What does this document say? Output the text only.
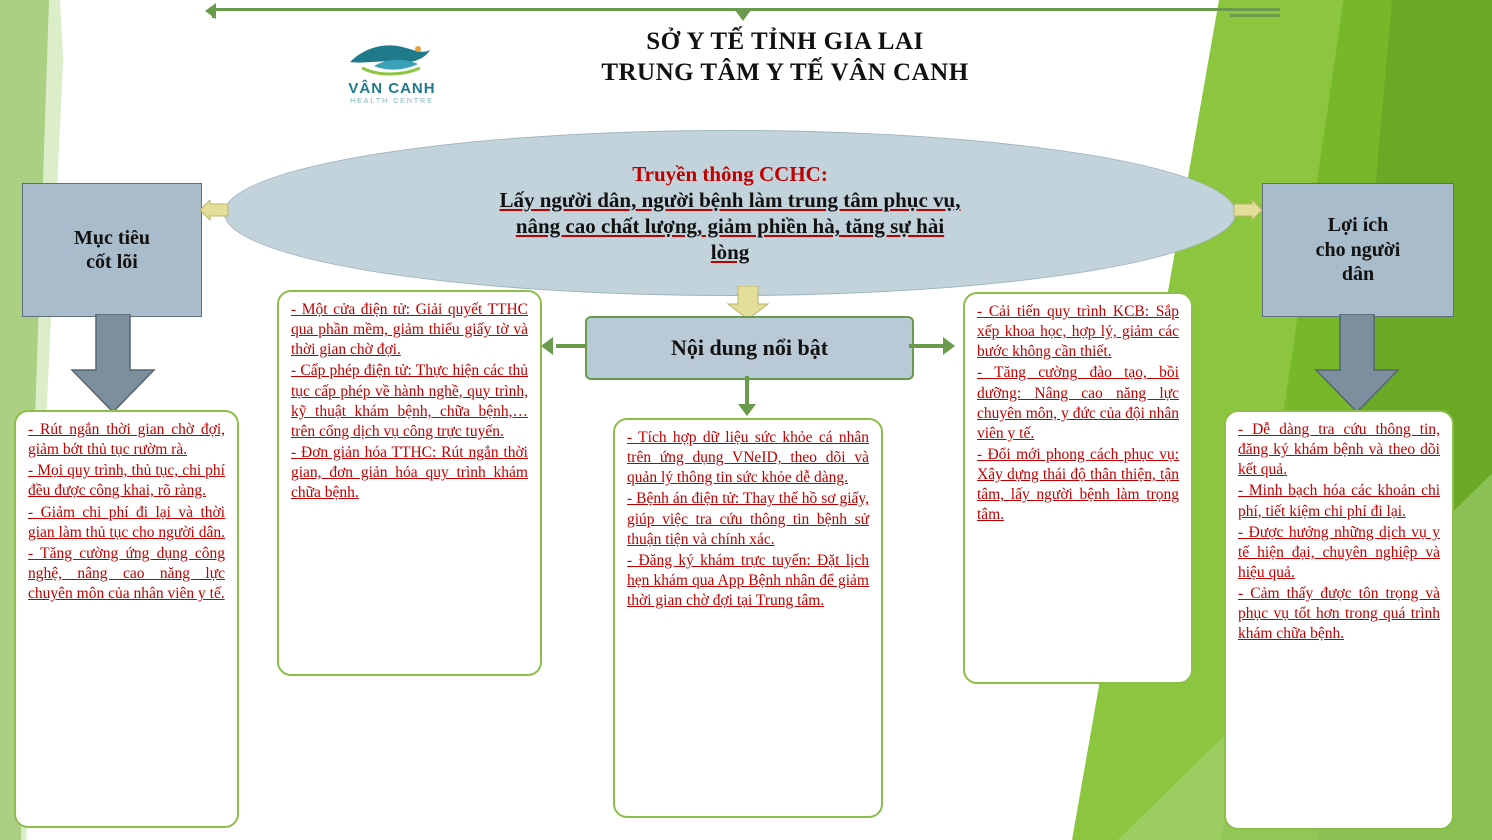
VÂN CANH
HEALTH CENTRE
SỞ Y TẾ TỈNH GIA LAI
TRUNG TÂM Y TẾ VÂN CANH
Truyền thông CCHC:
Lấy người dân, người bệnh làm trung tâm phục vụ,
nâng cao chất lượng, giảm phiền hà, tăng sự hài
lòng
Mục tiêu
cốt lõi
Lợi ích
cho người
dân
Nội dung nổi bật
- Rút ngắn thời gian chờ đợi, giảm bớt thủ tục rườm rà.
- Mọi quy trình, thủ tục, chi phí đều được công khai, rõ ràng.
- Giảm chi phí đi lại và thời gian làm thủ tục cho người dân.
- Tăng cường ứng dụng công nghệ, nâng cao năng lực chuyên môn của nhân viên y tế.
- Một cửa điện tử: Giải quyết TTHC qua phần mềm, giảm thiểu giấy tờ và thời gian chờ đợi.
- Cấp phép điện tử: Thực hiện các thủ tục cấp phép về hành nghề, quy trình, kỹ thuật khám bệnh, chữa bệnh,…trên cổng dịch vụ công trực tuyến.
- Đơn giản hóa TTHC: Rút ngắn thời gian, đơn giản hóa quy trình khám chữa bệnh.
- Tích hợp dữ liệu sức khỏe cá nhân trên ứng dụng VNeID, theo dõi và quản lý thông tin sức khỏe dễ dàng.
- Bệnh án điện tử: Thay thế hồ sơ giấy, giúp việc tra cứu thông tin bệnh sử thuận tiện và chính xác.
- Đăng ký khám trực tuyến: Đặt lịch hẹn khám qua App Bệnh nhân để giảm thời gian chờ đợi tại Trung tâm.
- Cải tiến quy trình KCB: Sắp xếp khoa học, hợp lý, giảm các bước không cần thiết.
- Tăng cường đào tạo, bồi dưỡng: Nâng cao năng lực chuyên môn, y đức của đội nhân viên y tế.
- Đổi mới phong cách phục vụ: Xây dựng thái độ thân thiện, tận tâm, lấy người bệnh làm trọng tâm.
- Dễ dàng tra cứu thông tin, đăng ký khám bệnh và theo dõi kết quả.
- Minh bạch hóa các khoản chi phí, tiết kiệm chi phí đi lại.
- Được hưởng những dịch vụ y tế hiện đại, chuyên nghiệp và hiệu quả.
- Cảm thấy được tôn trọng và phục vụ tốt hơn trong quá trình khám chữa bệnh.
